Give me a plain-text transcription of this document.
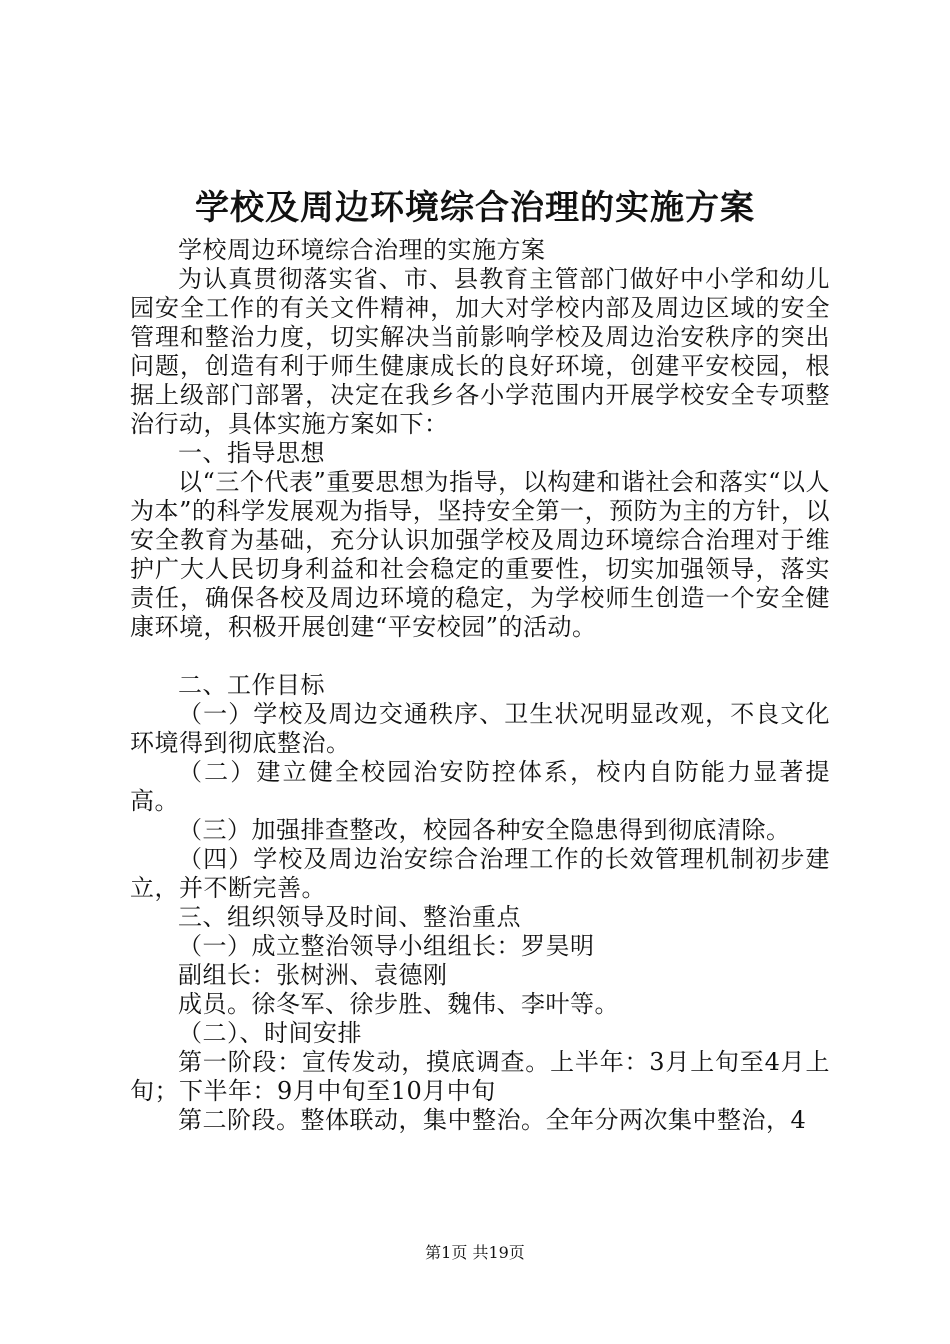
学校及周边环境综合治理的实施方案

学校周边环境综合治理的实施方案

为认真贯彻落实省、市、县教育主管部门做好中小学和幼儿园安全工作的有关文件精神，加大对学校内部及周边区域的安全管理和整治力度，切实解决当前影响学校及周边治安秩序的突出问题，创造有利于师生健康成长的良好环境，创建平安校园，根据上级部门部署，决定在我乡各小学范围内开展学校安全专项整治行动，具体实施方案如下：

一、指导思想

以“三个代表”重要思想为指导，以构建和谐社会和落实“以人为本”的科学发展观为指导，坚持安全第一，预防为主的方针，以安全教育为基础，充分认识加强学校及周边环境综合治理对于维护广大人民切身利益和社会稳定的重要性，切实加强领导，落实责任，确保各校及周边环境的稳定，为学校师生创造一个安全健康环境，积极开展创建“平安校园”的活动。

二、工作目标

（一）学校及周边交通秩序、卫生状况明显改观，不良文化环境得到彻底整治。

（二）建立健全校园治安防控体系，校内自防能力显著提高。

（三）加强排查整改，校园各种安全隐患得到彻底清除。

（四）学校及周边治安综合治理工作的长效管理机制初步建立，并不断完善。

三、组织领导及时间、整治重点

（一）成立整治领导小组组长：罗昊明

副组长：张树洲、袁德刚

成员。徐冬军、徐步胜、魏伟、李叶等。

（二）、时间安排

第一阶段：宣传发动，摸底调查。上半年：3月上旬至4月上旬；下半年：9月中旬至10月中旬

第二阶段。整体联动，集中整治。全年分两次集中整治，4

第1页 共19页
